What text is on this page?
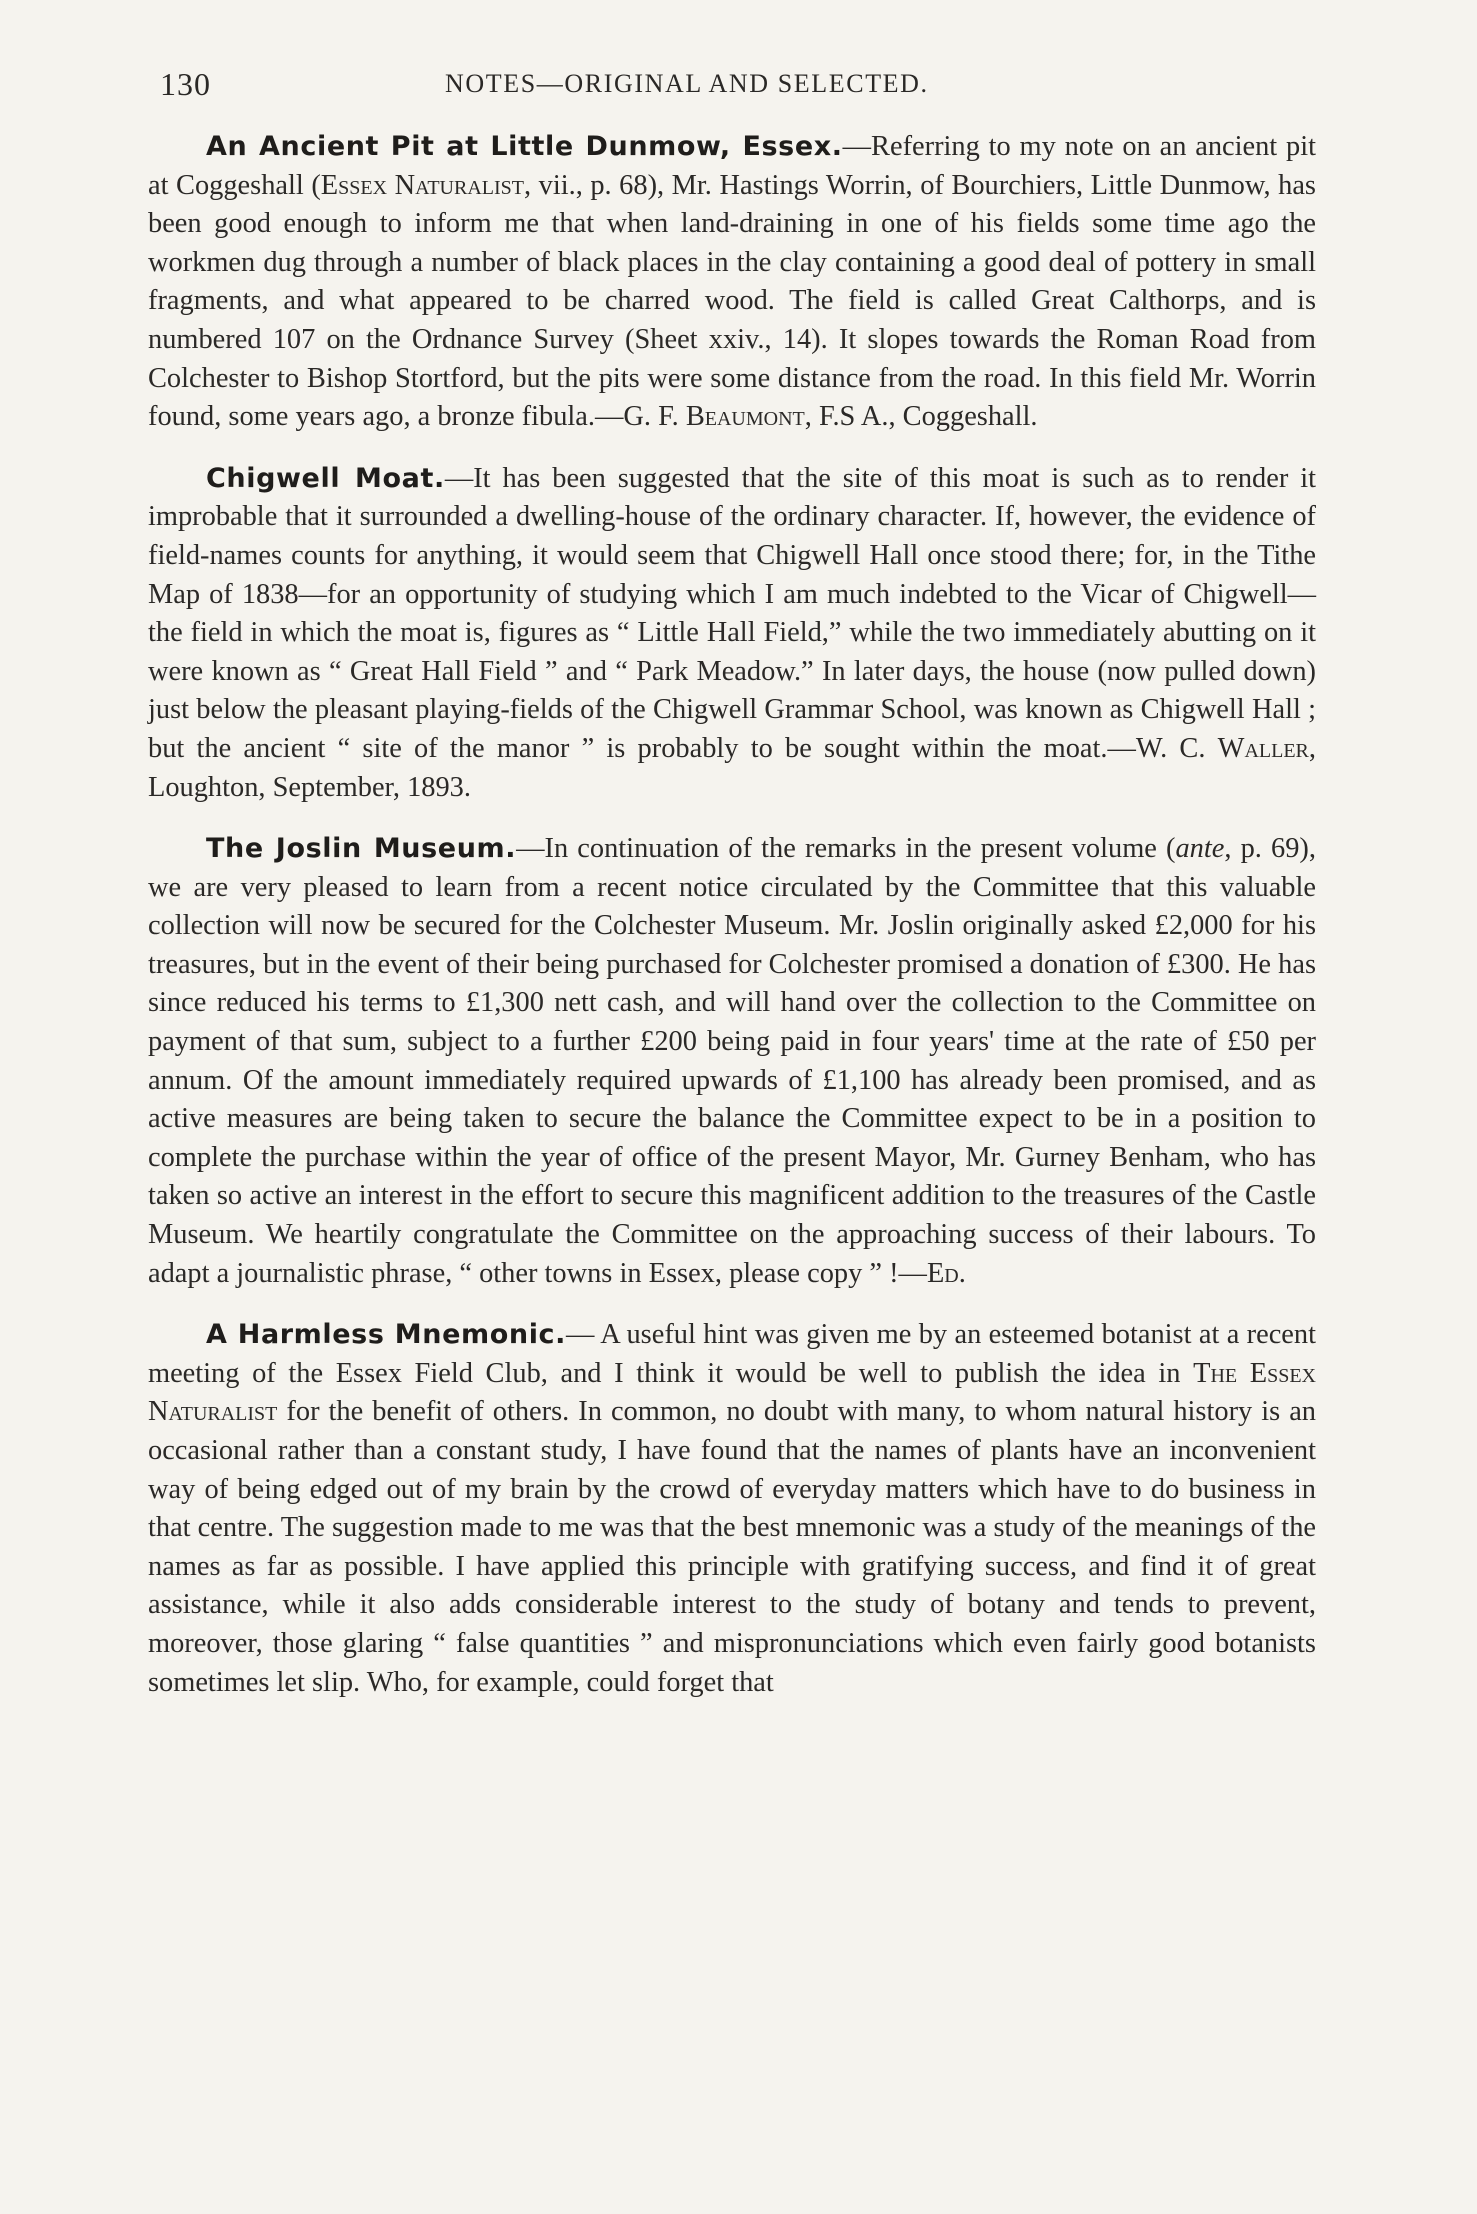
130	NOTES—ORIGINAL AND SELECTED.

An Ancient Pit at Little Dunmow, Essex.—Referring to my note on an ancient pit at Coggeshall (Essex Naturalist, vii., p. 68), Mr. Hastings Worrin, of Bourchiers, Little Dunmow, has been good enough to inform me that when land-draining in one of his fields some time ago the workmen dug through a number of black places in the clay containing a good deal of pottery in small fragments, and what appeared to be charred wood. The field is called Great Calthorps, and is numbered 107 on the Ordnance Survey (Sheet xxiv., 14). It slopes towards the Roman Road from Colchester to Bishop Stortford, but the pits were some distance from the road. In this field Mr. Worrin found, some years ago, a bronze fibula.—G. F. Beaumont, F.S A., Coggeshall.

Chigwell Moat.—It has been suggested that the site of this moat is such as to render it improbable that it surrounded a dwelling-house of the ordinary character. If, however, the evidence of field-names counts for anything, it would seem that Chigwell Hall once stood there; for, in the Tithe Map of 1838—for an opportunity of studying which I am much indebted to the Vicar of Chigwell—the field in which the moat is, figures as “ Little Hall Field,” while the two immediately abutting on it were known as “ Great Hall Field ” and “ Park Meadow.” In later days, the house (now pulled down) just below the pleasant playing-fields of the Chigwell Grammar School, was known as Chigwell Hall ; but the ancient “ site of the manor ” is probably to be sought within the moat.—W. C. Waller, Loughton, September, 1893.

The Joslin Museum.—In continuation of the remarks in the present volume (ante, p. 69), we are very pleased to learn from a recent notice circulated by the Committee that this valuable collection will now be secured for the Colchester Museum. Mr. Joslin originally asked £2,000 for his treasures, but in the event of their being purchased for Colchester promised a donation of £300. He has since reduced his terms to £1,300 nett cash, and will hand over the collection to the Committee on payment of that sum, subject to a further £200 being paid in four years' time at the rate of £50 per annum. Of the amount immediately required upwards of £1,100 has already been promised, and as active measures are being taken to secure the balance the Committee expect to be in a position to complete the purchase within the year of office of the present Mayor, Mr. Gurney Benham, who has taken so active an interest in the effort to secure this magnificent addition to the treasures of the Castle Museum. We heartily congratulate the Committee on the approaching success of their labours. To adapt a journalistic phrase, “ other towns in Essex, please copy ” !—Ed.

A Harmless Mnemonic.— A useful hint was given me by an esteemed botanist at a recent meeting of the Essex Field Club, and I think it would be well to publish the idea in The Essex Naturalist for the benefit of others. In common, no doubt with many, to whom natural history is an occasional rather than a constant study, I have found that the names of plants have an inconvenient way of being edged out of my brain by the crowd of everyday matters which have to do business in that centre. The suggestion made to me was that the best mnemonic was a study of the meanings of the names as far as possible. I have applied this principle with gratifying success, and find it of great assistance, while it also adds considerable interest to the study of botany and tends to prevent, moreover, those glaring “ false quantities ” and mispronunciations which even fairly good botanists sometimes let slip. Who, for example, could forget that
